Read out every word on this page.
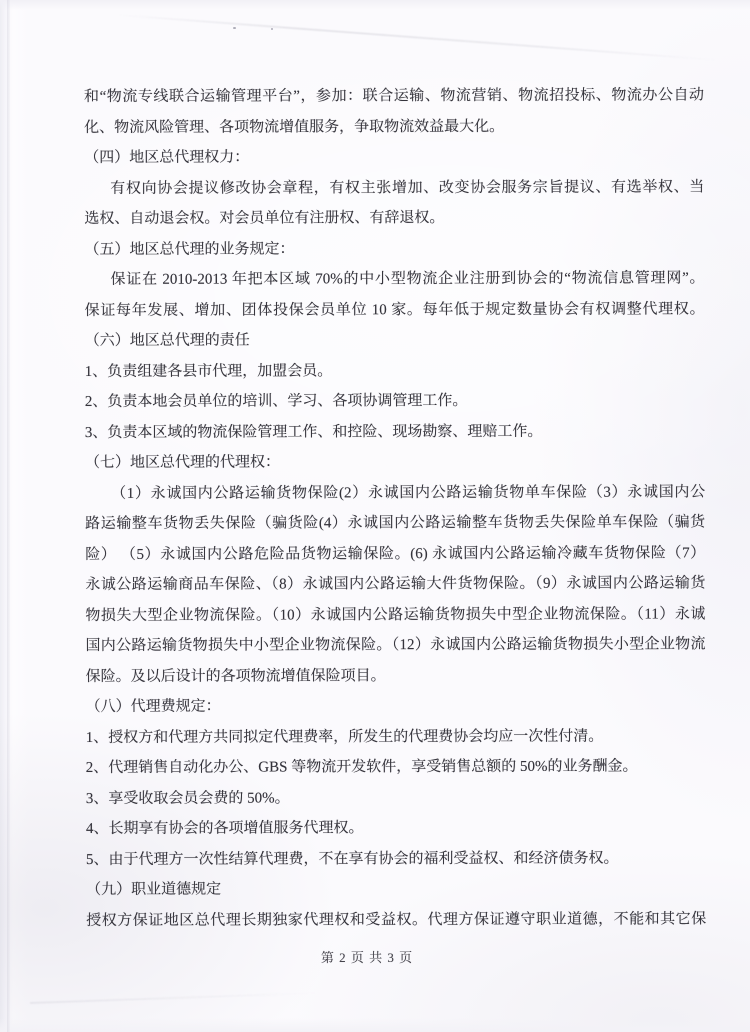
和“物流专线联合运输管理平台”，参加：联合运输、物流营销、物流招投标、物流办公自动
化、物流风险管理、各项物流增值服务，争取物流效益最大化。
（四）地区总代理权力：
有权向协会提议修改协会章程，有权主张增加、改变协会服务宗旨提议、有选举权、当
选权、自动退会权。对会员单位有注册权、有辞退权。
（五）地区总代理的业务规定：
保证在 2010-2013 年把本区域 70%的中小型物流企业注册到协会的“物流信息管理网”。
保证每年发展、增加、团体投保会员单位 10 家。每年低于规定数量协会有权调整代理权。
（六）地区总代理的责任
1、负责组建各县市代理，加盟会员。
2、负责本地会员单位的培训、学习、各项协调管理工作。
3、负责本区域的物流保险管理工作、和控险、现场勘察、理赔工作。
（七）地区总代理的代理权：
（1）永诚国内公路运输货物保险(2）永诚国内公路运输货物单车保险（3）永诚国内公
路运输整车货物丢失保险（骗货险(4）永诚国内公路运输整车货物丢失保险单车保险（骗货
险） （5）永诚国内公路危险品货物运输保险。(6) 永诚国内公路运输冷藏车货物保险（7）
永诚公路运输商品车保险、（8）永诚国内公路运输大件货物保险。（9）永诚国内公路运输货
物损失大型企业物流保险。（10）永诚国内公路运输货物损失中型企业物流保险。（11）永诚
国内公路运输货物损失中小型企业物流保险。（12）永诚国内公路运输货物损失小型企业物流
保险。及以后设计的各项物流增值保险项目。
（八）代理费规定：
1、授权方和代理方共同拟定代理费率，所发生的代理费协会均应一次性付清。
2、代理销售自动化办公、GBS 等物流开发软件，享受销售总额的 50%的业务酬金。
3、享受收取会员会费的 50%。
4、长期享有协会的各项增值服务代理权。
5、由于代理方一次性结算代理费，不在享有协会的福利受益权、和经济债务权。
（九）职业道德规定
授权方保证地区总代理长期独家代理权和受益权。代理方保证遵守职业道德，不能和其它保
第 2 页 共 3 页
